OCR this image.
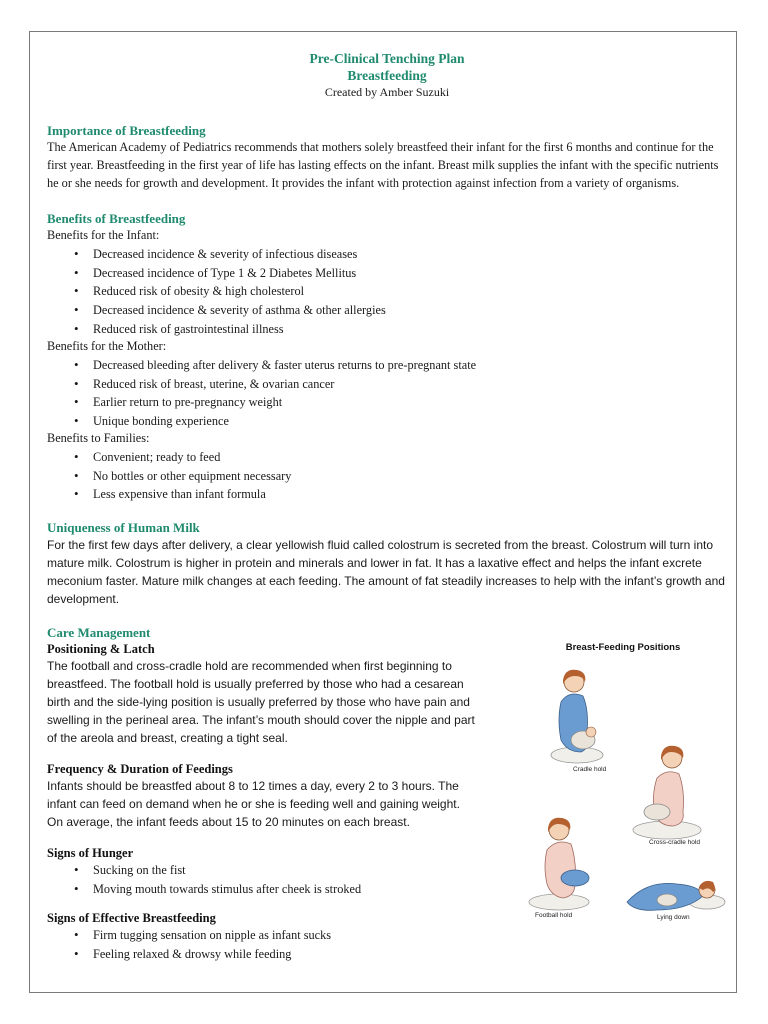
Pre-Clinical Tenching Plan
Breastfeeding
Created by Amber Suzuki
Importance of Breastfeeding

The American Academy of Pediatrics recommends that mothers solely breastfeed their infant for the first 6 months and continue for the first year. Breastfeeding in the first year of life has lasting effects on the infant. Breast milk supplies the infant with the specific nutrients he or she needs for growth and development. It provides the infant with protection against infection from a variety of organisms.

Benefits of Breastfeeding

Benefits for the Infant:

• Decreased incidence & severity of infectious diseases
• Decreased incidence of Type 1 & 2 Diabetes Mellitus
• Reduced risk of obesity & high cholesterol
• Decreased incidence & severity of asthma & other allergies
• Reduced risk of gastrointestinal illness

Benefits for the Mother:

• Decreased bleeding after delivery & faster uterus returns to pre-pregnant state
• Reduced risk of breast, uterine, & ovarian cancer
• Earlier return to pre-pregnancy weight
• Unique bonding experience

Benefits to Families:

• Convenient; ready to feed
• No bottles or other equipment necessary
• Less expensive than infant formula
Uniqueness of Human Milk

For the first few days after delivery, a clear yellowish fluid called colostrum is secreted from the breast. Colostrum will turn into mature milk. Colostrum is higher in protein and minerals and lower in fat. It has a laxative effect and helps the infant excrete meconium faster. Mature milk changes at each feeding. The amount of fat steadily increases to help with the infant’s growth and development.

Care Management
Positioning & Latch

The football and cross-cradle hold are recommended when first beginning to breastfeed. The football hold is usually preferred by those who had a cesarean birth and the side-lying position is usually preferred by those who have pain and swelling in the perineal area. The infant’s mouth should cover the nipple and part of the areola and breast, creating a tight seal.

Frequency & Duration of Feedings

Infants should be breastfed about 8 to 12 times a day, every 2 to 3 hours. The infant can feed on demand when he or she is feeding well and gaining weight. On average, the infant feeds about 15 to 20 minutes on each breast.

Signs of Hunger
• Sucking on the fist
• Moving mouth towards stimulus after cheek is stroked
Signs of Effective Breastfeeding
• Firm tugging sensation on nipple as infant sucks
• Feeling relaxed & drowsy while feeding
Breast-Feeding Positions
Cradle hold
Cross-cradle hold
Football hold	Lying down
